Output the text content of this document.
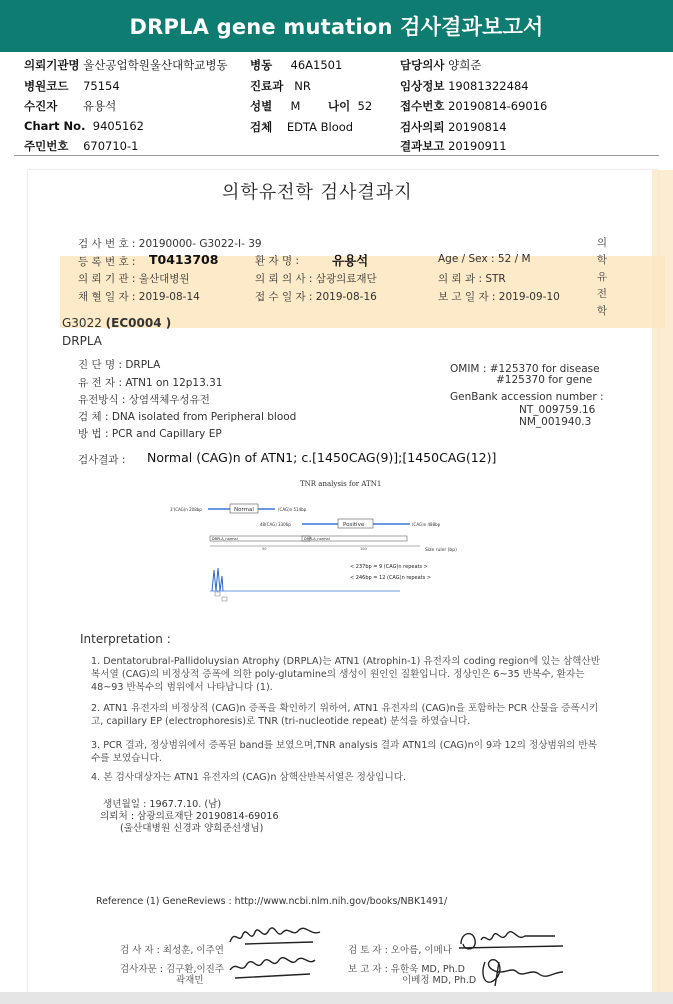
DRPLA gene mutation 검사결과보고서
의뢰기관명 울산공업학원울산대학교병동 병동 46A1501	담당의사 양희준
병원코드 75154	진료과 NR	임상정보 19081322484
수진자 유용석	성별 M 나이 52 접수번호 20190814-69016
Chart No. 9405162	검체 EDTA Blood	검사의뢰 20190814
주민번호 670710-1	결과보고 20190911
의학유전학 검사결과지
의학유전학
검 사 번 호 : 20190000- G3022-I- 39
등 록 번 호 : T0413708	환 자 명 :	유용석	Age / Sex : 52 / M
의 뢰 기 관 : 울산대병원	의 뢰 의 사 : 삼광의료재단	의 뢰 과 : STR
채 혈 일 자 : 2019-08-14	접 수 일 자 : 2019-08-16	보 고 일 자 : 2019-09-10
G3022 (EC0004 )
DRPLA
진 단 명 : DRPLA
유 전 자 : ATN1 on 12p13.31
유전방식 : 상염색체우성유전
검 체 : DNA isolated from Peripheral blood
방 법 : PCR and Capillary EP
OMIM : #125370 for disease
#125370 for gene
GenBank accession number :
NT_009759.16
NM_001940.3
검사결과 : Normal (CAG)n of ATN1; c.[1450CAG(9)];[1450CAG(12)]
TNR analysis for ATN1
Normal
3'(CAG)n 208bp	(CAG)n 514bp
Positive
48(CAG) 3306p	(CAG)n 488bp
DRPLA_normal	DRPLA_normal
50	100	Size ruler (bp)
< 237bp = 9 (CAG)n repeats >
< 246bp = 12 (CAG)n repeats >
Interpretation :
1. Dentatorubral-Pallidoluysian Atrophy (DRPLA)는 ATN1 (Atrophin-1) 유전자의 coding region에 있는 삼핵산반복서열 (CAG)의 비정상적 증폭에 의한 poly-glutamine의 생성이 원인인 질환입니다. 정상인은 6~35 반복수, 환자는 48~93 반복수의 범위에서 나타납니다 (1).
2. ATN1 유전자의 비정상적 (CAG)n 증폭을 확인하기 위하여, ATN1 유전자의 (CAG)n을 포함하는 PCR 산물을 증폭시키고, capillary EP (electrophoresis)로 TNR (tri-nucleotide repeat) 분석을 하였습니다.
3. PCR 결과, 정상범위에서 증폭된 band를 보였으며,TNR analysis 결과 ATN1의 (CAG)n이 9과 12의 정상범위의 반복수를 보였습니다.
4. 본 검사대상자는 ATN1 유전자의 (CAG)n 삼핵산반복서열은 정상입니다.
생년월일 : 1967.7.10. (남)
의뢰처 : 삼광의료재단 20190814-69016
(울산대병원 신경과 양희준선생님)
Reference (1) GeneReviews : http://www.ncbi.nlm.nih.gov/books/NBK1491/
검 사 자 : 최성훈, 이주연
검사자문 : 김구환,이진주
곽재민
검 토 자 : 오아름, 이메나
보 고 자 : 유한욱 MD, Ph.D
이베정 MD, Ph.D
